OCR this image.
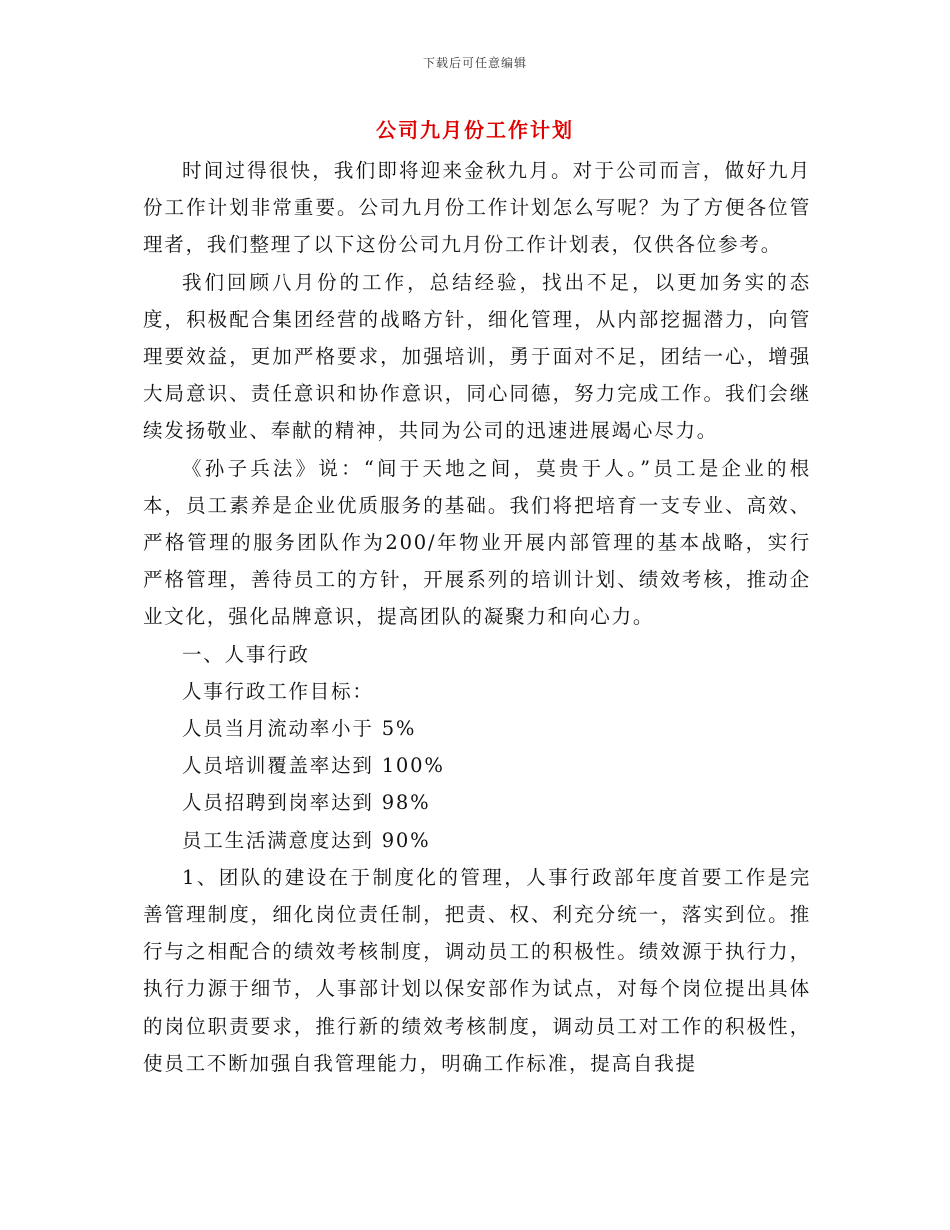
下载后可任意编辑
公司九月份工作计划

时间过得很快，我们即将迎来金秋九月。对于公司而言，做好九月份工作计划非常重要。公司九月份工作计划怎么写呢？为了方便各位管理者，我们整理了以下这份公司九月份工作计划表，仅供各位参考。

我们回顾八月份的工作，总结经验，找出不足，以更加务实的态度，积极配合集团经营的战略方针，细化管理，从内部挖掘潜力，向管理要效益，更加严格要求，加强培训，勇于面对不足，团结一心，增强大局意识、责任意识和协作意识，同心同德，努力完成工作。我们会继续发扬敬业、奉献的精神，共同为公司的迅速进展竭心尽力。

《孙子兵法》说：“间于天地之间，莫贵于人。”员工是企业的根本，员工素养是企业优质服务的基础。我们将把培育一支专业、高效、严格管理的服务团队作为200/年物业开展内部管理的基本战略，实行严格管理，善待员工的方针，开展系列的培训计划、绩效考核，推动企业文化，强化品牌意识，提高团队的凝聚力和向心力。

一、人事行政

人事行政工作目标：

人员当月流动率小于 5%

人员培训覆盖率达到 100%

人员招聘到岗率达到 98%

员工生活满意度达到 90%

1、团队的建设在于制度化的管理，人事行政部年度首要工作是完善管理制度，细化岗位责任制，把责、权、利充分统一，落实到位。推行与之相配合的绩效考核制度，调动员工的积极性。绩效源于执行力，执行力源于细节，人事部计划以保安部作为试点，对每个岗位提出具体的岗位职责要求，推行新的绩效考核制度，调动员工对工作的积极性，使员工不断加强自我管理能力，明确工作标准，提高自我提
